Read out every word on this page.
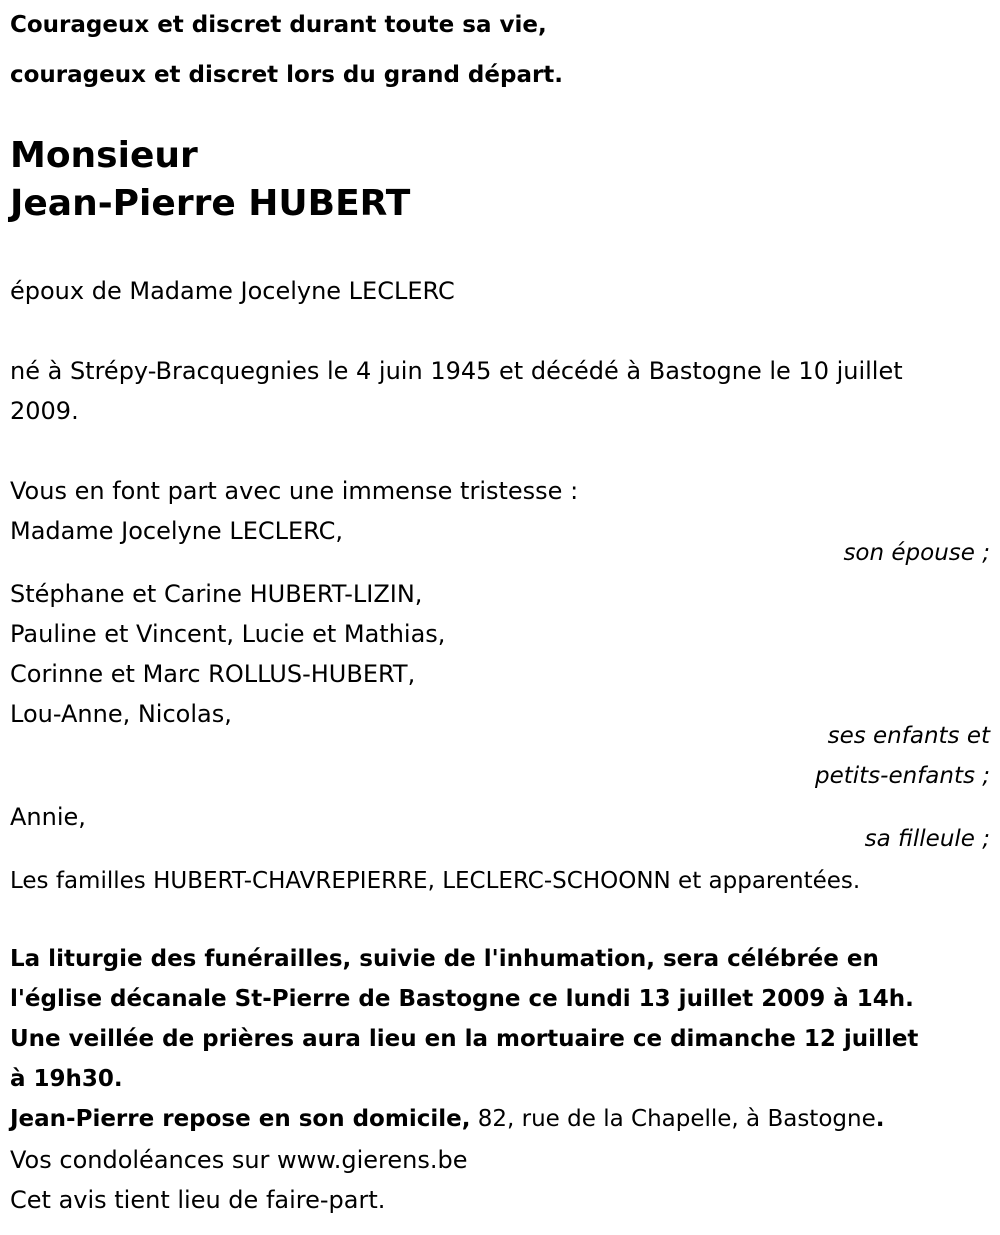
Courageux et discret durant toute sa vie,
courageux et discret lors du grand départ.
Monsieur
Jean-Pierre HUBERT
époux de Madame Jocelyne LECLERC
né à Strépy-Bracquegnies le 4 juin 1945 et décédé à Bastogne le 10 juillet
2009.
Vous en font part avec une immense tristesse :
Madame Jocelyne LECLERC,
son épouse ;
Stéphane et Carine HUBERT-LIZIN,
Pauline et Vincent, Lucie et Mathias,
Corinne et Marc ROLLUS-HUBERT,
Lou-Anne, Nicolas,
ses enfants et
petits-enfants ;
Annie,
sa filleule ;
Les familles HUBERT-CHAVREPIERRE, LECLERC-SCHOONN et apparentées.
La liturgie des funérailles, suivie de l'inhumation, sera célébrée en
l'église décanale St-Pierre de Bastogne ce lundi 13 juillet 2009 à 14h.
Une veillée de prières aura lieu en la mortuaire ce dimanche 12 juillet
à 19h30.
Jean-Pierre repose en son domicile, 82, rue de la Chapelle, à Bastogne.
Vos condoléances sur www.gierens.be
Cet avis tient lieu de faire-part.
